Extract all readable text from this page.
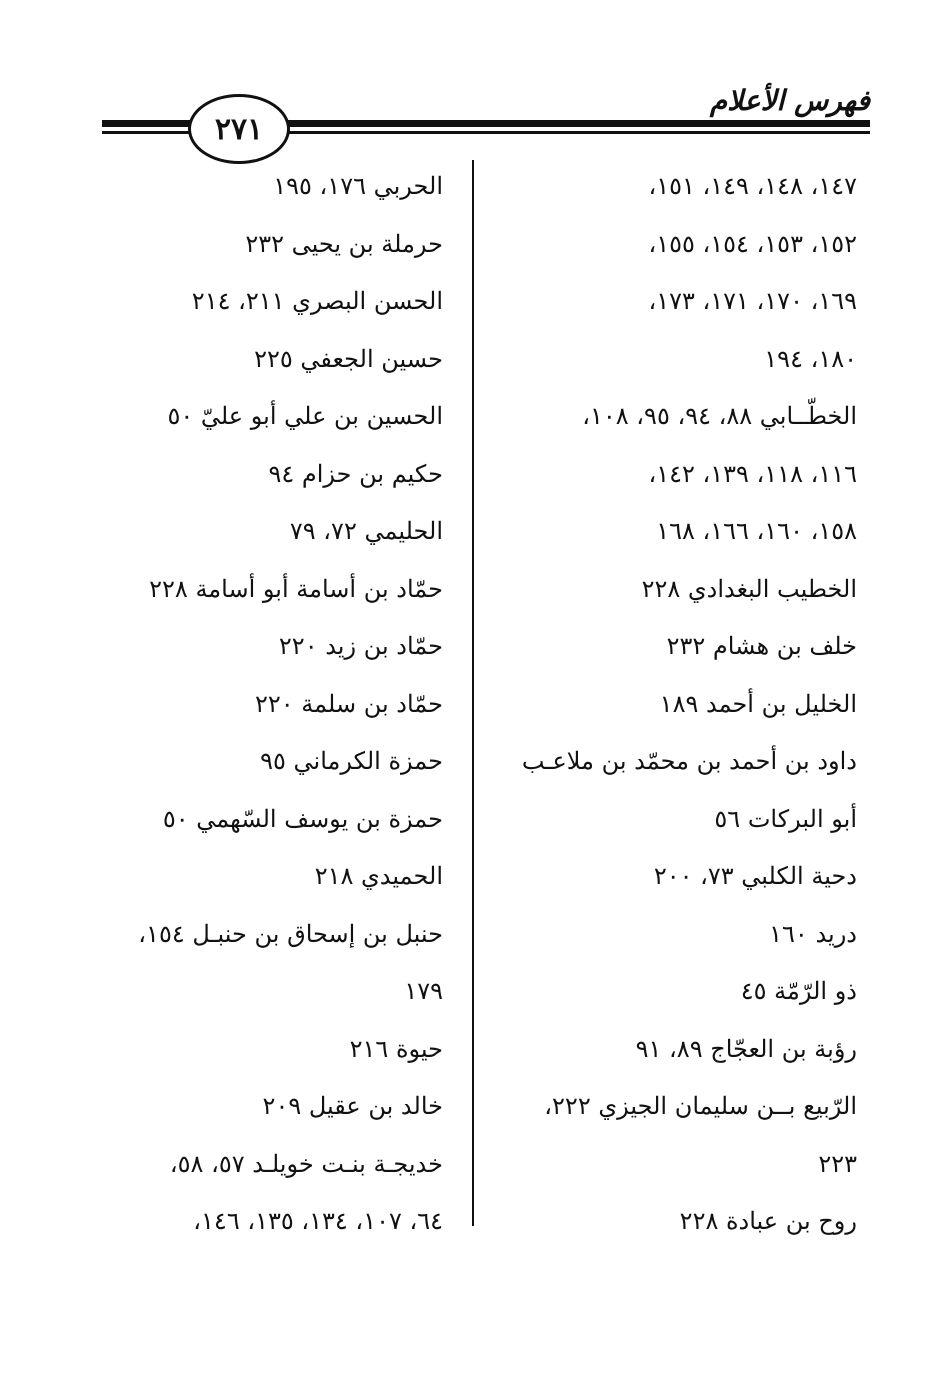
فهرس الأعلام
٢٧١
١٤٧، ١٤٨، ١٤٩، ١٥١،
١٥٢، ١٥٣، ١٥٤، ١٥٥،
١٦٩، ١٧٠، ١٧١، ١٧٣،
١٨٠، ١٩٤
الخطّــابي ٨٨، ٩٤، ٩٥، ١٠٨،
١١٦، ١١٨، ١٣٩، ١٤٢،
١٥٨، ١٦٠، ١٦٦، ١٦٨
الخطيب البغدادي ٢٢٨
خلف بن هشام ٢٣٢
الخليل بن أحمد ١٨٩
داود بن أحمد بن محمّد بن ملاعـب
أبو البركات ٥٦
دحية الكلبي ٧٣، ٢٠٠
دريد ١٦٠
ذو الرّمّة ٤٥
رؤبة بن العجّاج ٨٩، ٩١
الرّبيع بــن سليمان الجيزي ٢٢٢،
٢٢٣
روح بن عبادة ٢٢٨
الحربي ١٧٦، ١٩٥
حرملة بن يحيى ٢٣٢
الحسن البصري ٢١١، ٢١٤
حسين الجعفي ٢٢٥
الحسين بن علي أبو عليّ ٥٠
حكيم بن حزام ٩٤
الحليمي ٧٢، ٧٩
حمّاد بن أسامة أبو أسامة ٢٢٨
حمّاد بن زيد ٢٢٠
حمّاد بن سلمة ٢٢٠
حمزة الكرماني ٩٥
حمزة بن يوسف السّهمي ٥٠
الحميدي ٢١٨
حنبل بن إسحاق بن حنبـل ١٥٤،
١٧٩
حيوة ٢١٦
خالد بن عقيل ٢٠٩
خديجـة بنـت خويلـد ٥٧، ٥٨،
٦٤، ١٠٧، ١٣٤، ١٣٥، ١٤٦،
